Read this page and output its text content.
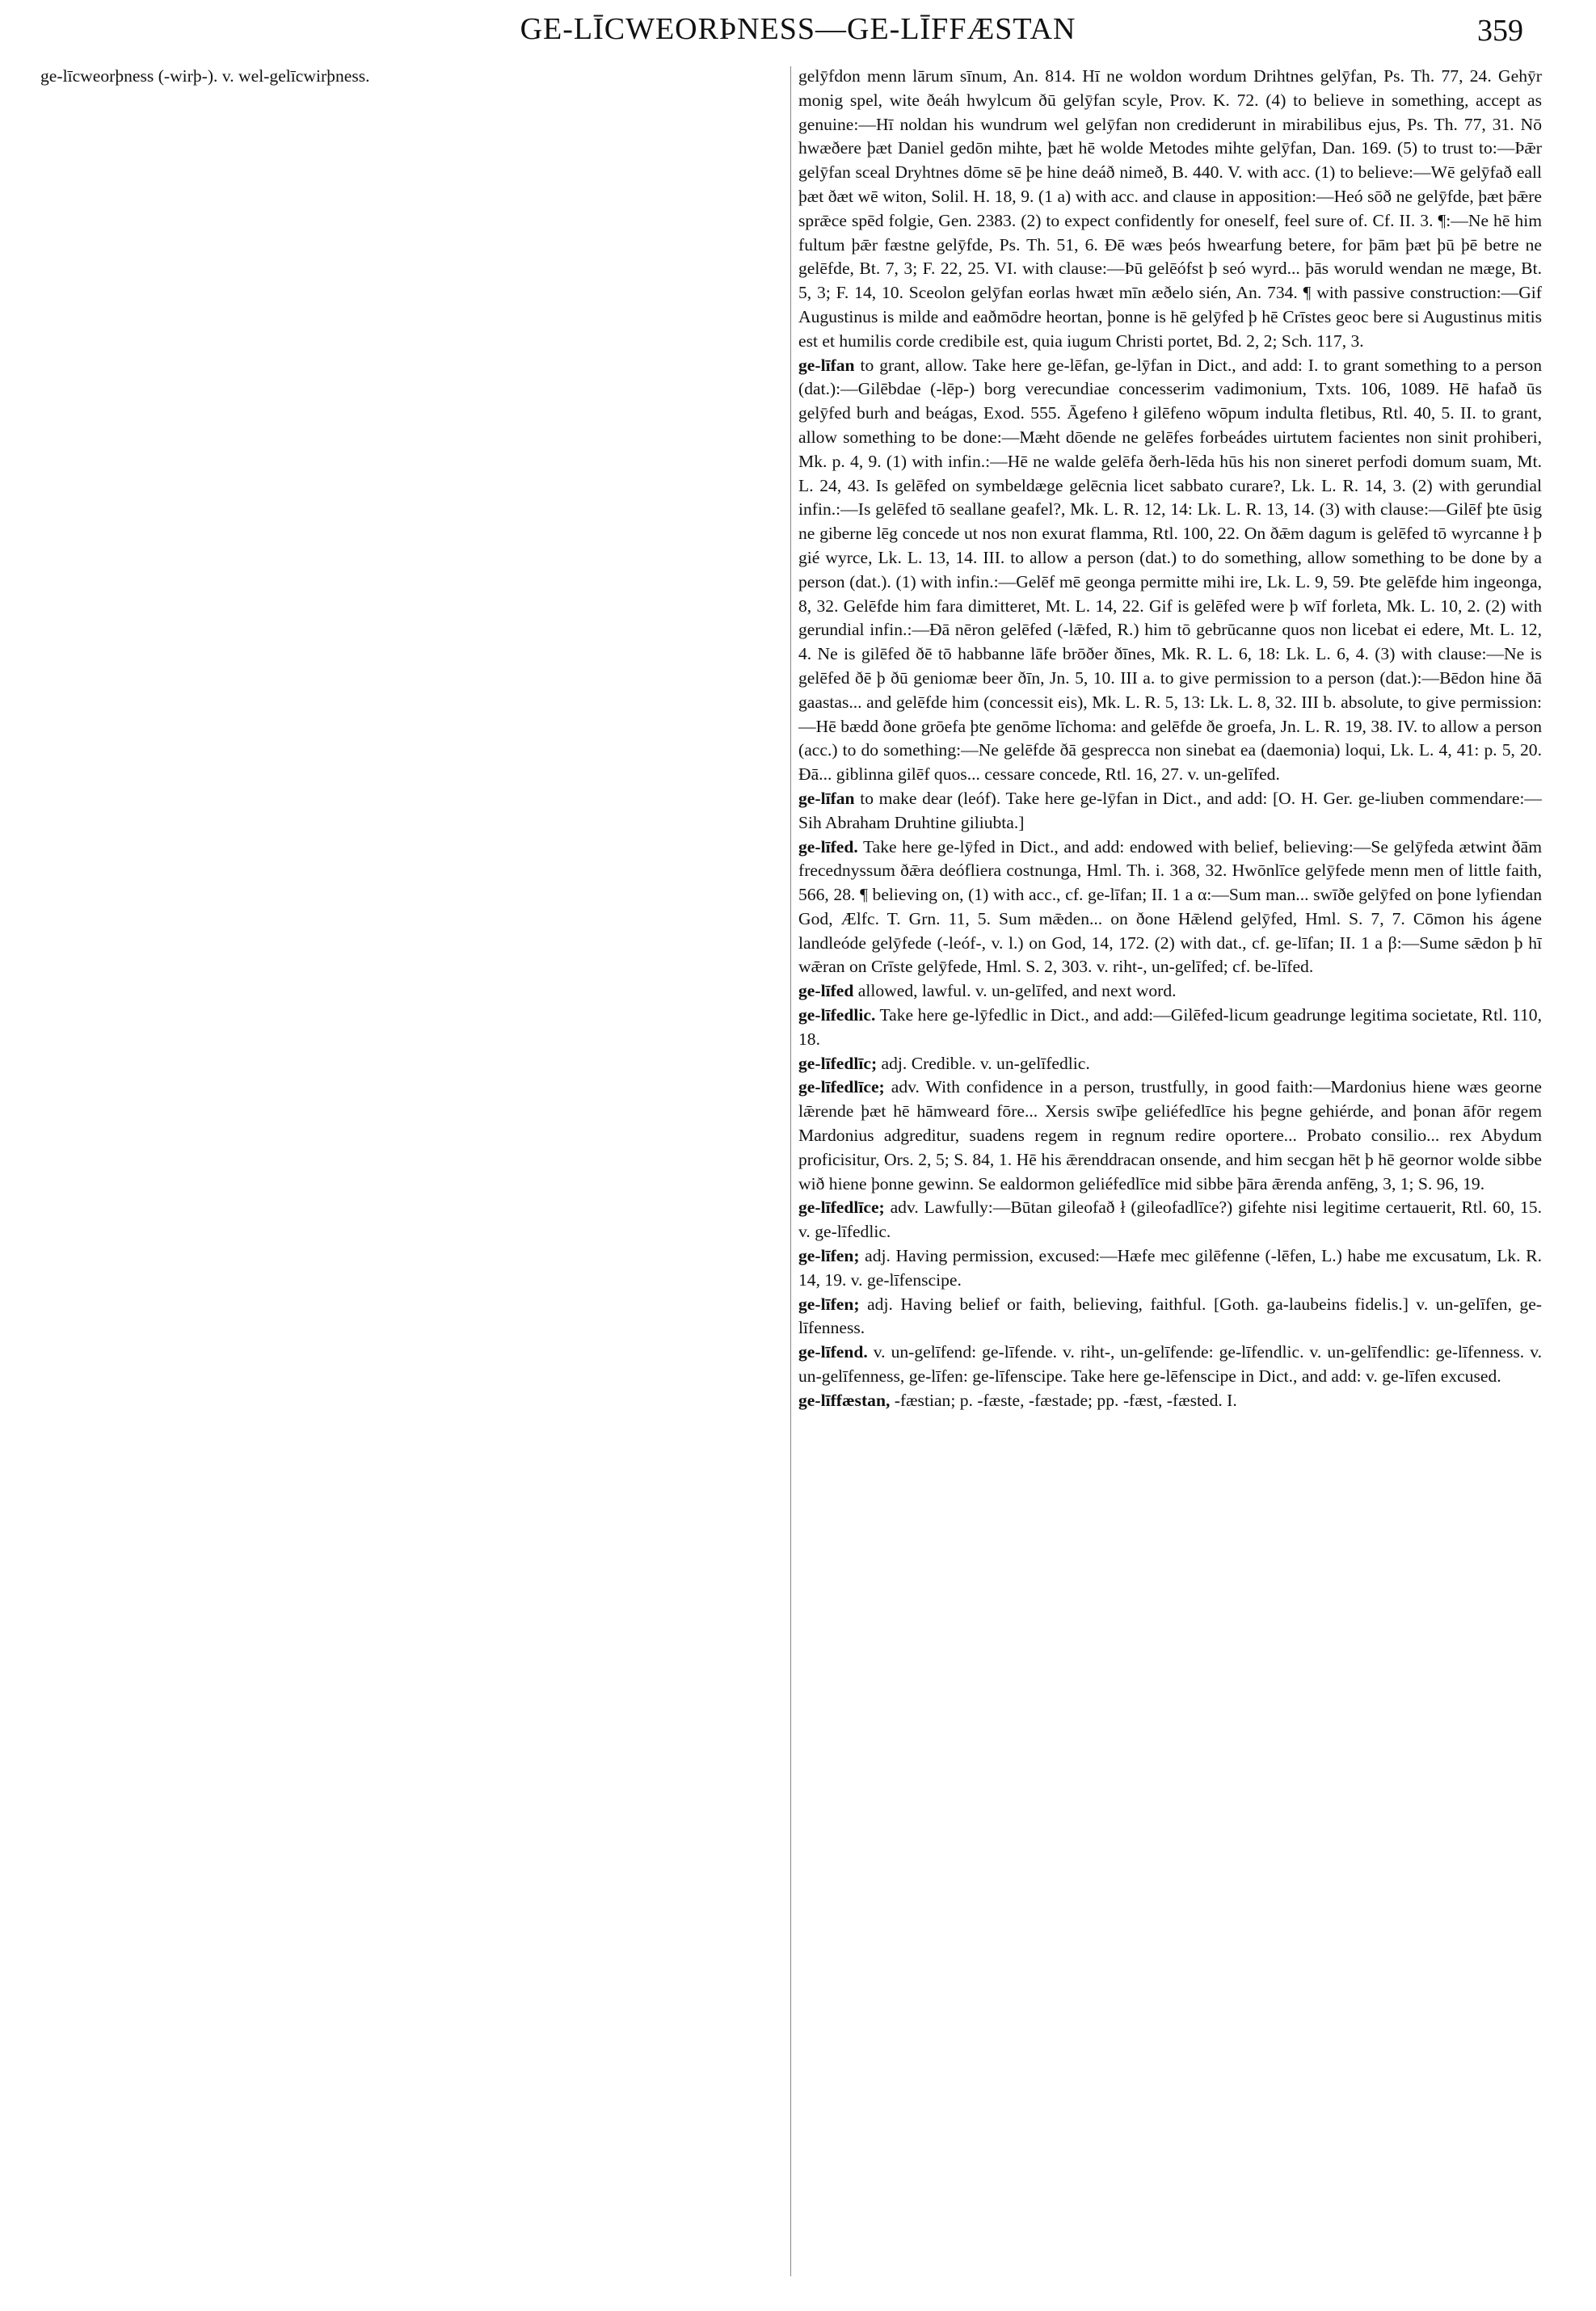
GE-LĪCWEORÞNESS—GE-LĪFFÆSTAN	359

ge-līcweorþness (-wirþ-). v. wel-gelīcwirþness.	gelȳfdon menn lārum sīnum, An. 814. Hī ne woldon wordum Drihtnes gelȳfan, Ps. Th. 77, 24. Gehȳr monig spel, wite ðeáh hwylcum ðū gelȳfan scyle, Prov. K. 72. (4) to believe in something, accept as genuine:—Hī noldan his wundrum wel gelȳfan non crediderunt in mirabilibus ejus, Ps. Th. 77, 31. Nō hwæðere þæt Daniel gedōn mihte, þæt hē wolde Metodes mihte gelȳfan, Dan. 169. (5) to trust to:—Þǣr gelȳfan sceal Dryhtnes dōme sē þe hine deáð nimeð, B. 440. V. with acc. (1) to believe:—Wē gelȳfað eall þæt ðæt wē witon, Solil. H. 18, 9. (1 a) with acc. and clause in apposition:—Heó sōð ne gelȳfde, þæt þǣre sprǣce spēd folgie, Gen. 2383. (2) to expect confidently for oneself, feel sure of. Cf. II. 3. ¶:—Ne hē him fultum þǣr fæstne gelȳfde, Ps. Th. 51, 6. Ðē wæs þeós hwearfung betere, for þām þæt þū þē betre ne gelēfde, Bt. 7, 3; F. 22, 25. VI. with clause:—Þū gelēófst þ seó wyrd... þās woruld wendan ne mæge, Bt. 5, 3; F. 14, 10. Sceolon gelȳfan eorlas hwæt mīn æðelo sién, An. 734. ¶ with passive construction:—Gif Augustinus is milde and eaðmōdre heortan, þonne is hē gelȳfed þ hē Crīstes geoc bere si Augustinus mitis est et humilis corde credibile est, quia iugum Christi portet, Bd. 2, 2; Sch. 117, 3.

ge-līfan to grant, allow. Take here ge-lēfan, ge-lȳfan in Dict., and add: I. to grant something to a person (dat.):—Gilēbdae (-lēp-) borg verecundiae concesserim vadimonium, Txts. 106, 1089. Hē hafað ūs gelȳfed burh and beágas, Exod. 555. Āgefeno ł gilēfeno wōpum indulta fletibus, Rtl. 40, 5. II. to grant, allow something to be done:—Mæht dōende ne gelēfes forbeádes uirtutem facientes non sinit prohiberi, Mk. p. 4, 9. (1) with infin.:—Hē ne walde gelēfa ðerh-lēda hūs his non sineret perfodi domum suam, Mt. L. 24, 43. Is gelēfed on symbeldæge gelēcnia licet sabbato curare?, Lk. L. R. 14, 3. (2) with gerundial infin.:—Is gelēfed tō seallane geafel?, Mk. L. R. 12, 14: Lk. L. R. 13, 14. (3) with clause:—Gilēf þte ūsig ne giberne lēg concede ut nos non exurat flamma, Rtl. 100, 22. On ðǣm dagum is gelēfed tō wyrcanne ł þ gié wyrce, Lk. L. 13, 14. III. to allow a person (dat.) to do something, allow something to be done by a person (dat.). (1) with infin.:—Gelēf mē geonga permitte mihi ire, Lk. L. 9, 59. Þte gelēfde him ingeonga, 8, 32. Gelēfde him fara dimitteret, Mt. L. 14, 22. Gif is gelēfed were þ wīf forleta, Mk. L. 10, 2. (2) with gerundial infin.:—Ðā nēron gelēfed (-lǣfed, R.) him tō gebrūcanne quos non licebat ei edere, Mt. L. 12, 4. Ne is gilēfed ðē tō habbanne lāfe brōðer ðīnes, Mk. R. L. 6, 18: Lk. L. 6, 4. (3) with clause:—Ne is gelēfed ðē þ ðū geniomæ beer ðīn, Jn. 5, 10. III a. to give permission to a person (dat.):—Bēdon hine ðā gaastas... and gelēfde him (concessit eis), Mk. L. R. 5, 13: Lk. L. 8, 32. III b. absolute, to give permission:—Hē bædd ðone grōefa þte genōme līchoma: and gelēfde ðe groefa, Jn. L. R. 19, 38. IV. to allow a person (acc.) to do something:—Ne gelēfde ðā gesprecca non sinebat ea (daemonia) loqui, Lk. L. 4, 41: p. 5, 20. Ðā... giblinna gilēf quos... cessare concede, Rtl. 16, 27. v. un-gelīfed.

ge-līfan to make dear (leóf). Take here ge-lȳfan in Dict., and add: [O. H. Ger. ge-liuben commendare:—Sih Abraham Druhtine giliubta.]

ge-līfed. Take here ge-lȳfed in Dict., and add: endowed with belief, believing:—Se gelȳfeda ætwint ðām frecednyssum ðǣra deófliera costnunga, Hml. Th. i. 368, 32. Hwōnlīce gelȳfede menn men of little faith, 566, 28. ¶ believing on, (1) with acc., cf. ge-līfan; II. 1 a α:—Sum man... swīðe gelȳfed on þone lyfiendan God, Ælfc. T. Grn. 11, 5. Sum mǣden... on ðone Hǣlend gelȳfed, Hml. S. 7, 7. Cōmon his ágene landleóde gelȳfede (-leóf-, v. l.) on God, 14, 172. (2) with dat., cf. ge-līfan; II. 1 a β:—Sume sǣdon þ hī wǣran on Crīste gelȳfede, Hml. S. 2, 303. v. riht-, un-gelīfed; cf. be-līfed.

ge-līfed allowed, lawful. v. un-gelīfed, and next word.

ge-līfedlic. Take here ge-lȳfedlic in Dict., and add:—Gilēfed-licum geadrunge legitima societate, Rtl. 110, 18.

ge-līfedlīc; adj. Credible. v. un-gelīfedlic.

ge-līfedlīce; adv. With confidence in a person, trustfully, in good faith:—Mardonius hiene wæs georne lǣrende þæt hē hāmweard fōre... Xersis swīþe geliéfedlīce his þegne gehiérde, and þonan āfōr regem Mardonius adgreditur, suadens regem in regnum redire oportere... Probato consilio... rex Abydum proficisitur, Ors. 2, 5; S. 84, 1. Hē his ǣrenddracan onsende, and him secgan hēt þ hē geornor wolde sibbe wið hiene þonne gewinn. Se ealdormon geliéfedlīce mid sibbe þāra ǣrenda anfēng, 3, 1; S. 96, 19.

ge-līfedlīce; adv. Lawfully:—Būtan gileofað ł (gileofadlīce?) gifehte nisi legitime certauerit, Rtl. 60, 15. v. ge-līfedlic.

ge-līfen; adj. Having permission, excused:—Hæfe mec gilēfenne (-lēfen, L.) habe me excusatum, Lk. R. 14, 19. v. ge-līfenscipe.

ge-līfen; adj. Having belief or faith, believing, faithful. [Goth. ga-laubeins fidelis.] v. un-gelīfen, ge-līfenness.

ge-līfend. v. un-gelīfend: ge-līfende. v. riht-, un-gelīfende: ge-līfendlic. v. un-gelīfendlic: ge-līfenness. v. un-gelīfenness, ge-līfen: ge-līfenscipe. Take here ge-lēfenscipe in Dict., and add: v. ge-līfen excused.

ge-līffæstan, -fæstian; p. -fæste, -fæstade; pp. -fæst, -fæsted. I.
